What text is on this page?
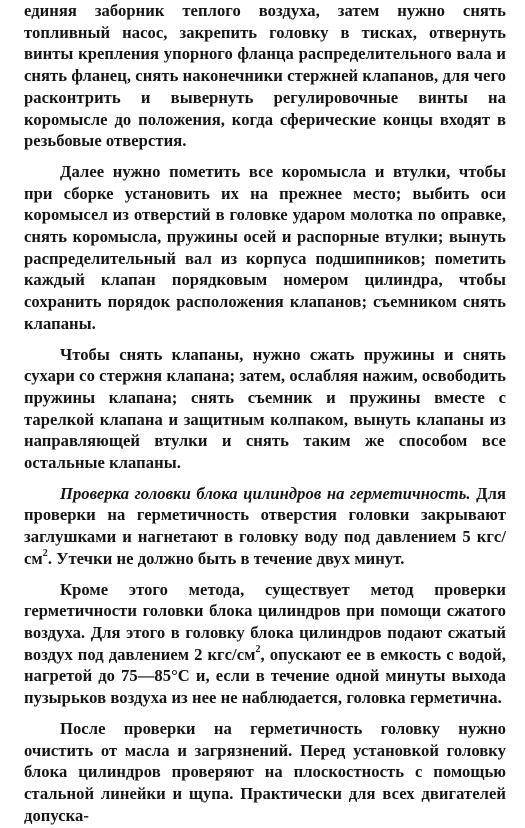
единяя заборник теплого воздуха, затем нужно снять топливный насос, закрепить головку в тисках, отвернуть винты крепления упорного фланца распределительного вала и снять фланец, снять наконечники стержней клапанов, для чего расконтрить и вывернуть регулировочные винты на коромысле до положения, когда сферические концы входят в резьбовые отверстия.

Далее нужно пометить все коромысла и втулки, чтобы при сборке установить их на прежнее место; выбить оси коромысел из отверстий в головке ударом молотка по оправке, снять коромысла, пружины осей и распорные втулки; вынуть распределительный вал из корпуса подшипников; пометить каждый клапан порядковым номером цилиндра, чтобы сохранить порядок расположения клапанов; съемником снять клапаны.

Чтобы снять клапаны, нужно сжать пружины и снять сухари со стержня клапана; затем, ослабляя нажим, освободить пружины клапана; снять съемник и пружины вместе с тарелкой клапана и защитным колпаком, вынуть клапаны из направляющей втулки и снять таким же способом все остальные клапаны.

Проверка головки блока цилиндров на герметичность. Для проверки на герметичность отверстия головки закрывают заглушками и нагнетают в головку воду под давлением 5 кгс/$см^2$. Утечки не должно быть в течение двух минут.

Кроме этого метода, существует метод проверки герметичности головки блока цилиндров при помощи сжатого воздуха. Для этого в головку блока цилиндров подают сжатый воздух под давлением 2 кгс/$см^2$, опускают ее в емкость с водой, нагретой до 75—85°C и, если в течение одной минуты выхода пузырьков воздуха из нее не наблюдается, головка герметична.

После проверки на герметичность головку нужно очистить от масла и загрязнений. Перед установкой головку блока цилиндров проверяют на плоскостность с помощью стальной линейки и щупа. Практически для всех двигателей допуска-
